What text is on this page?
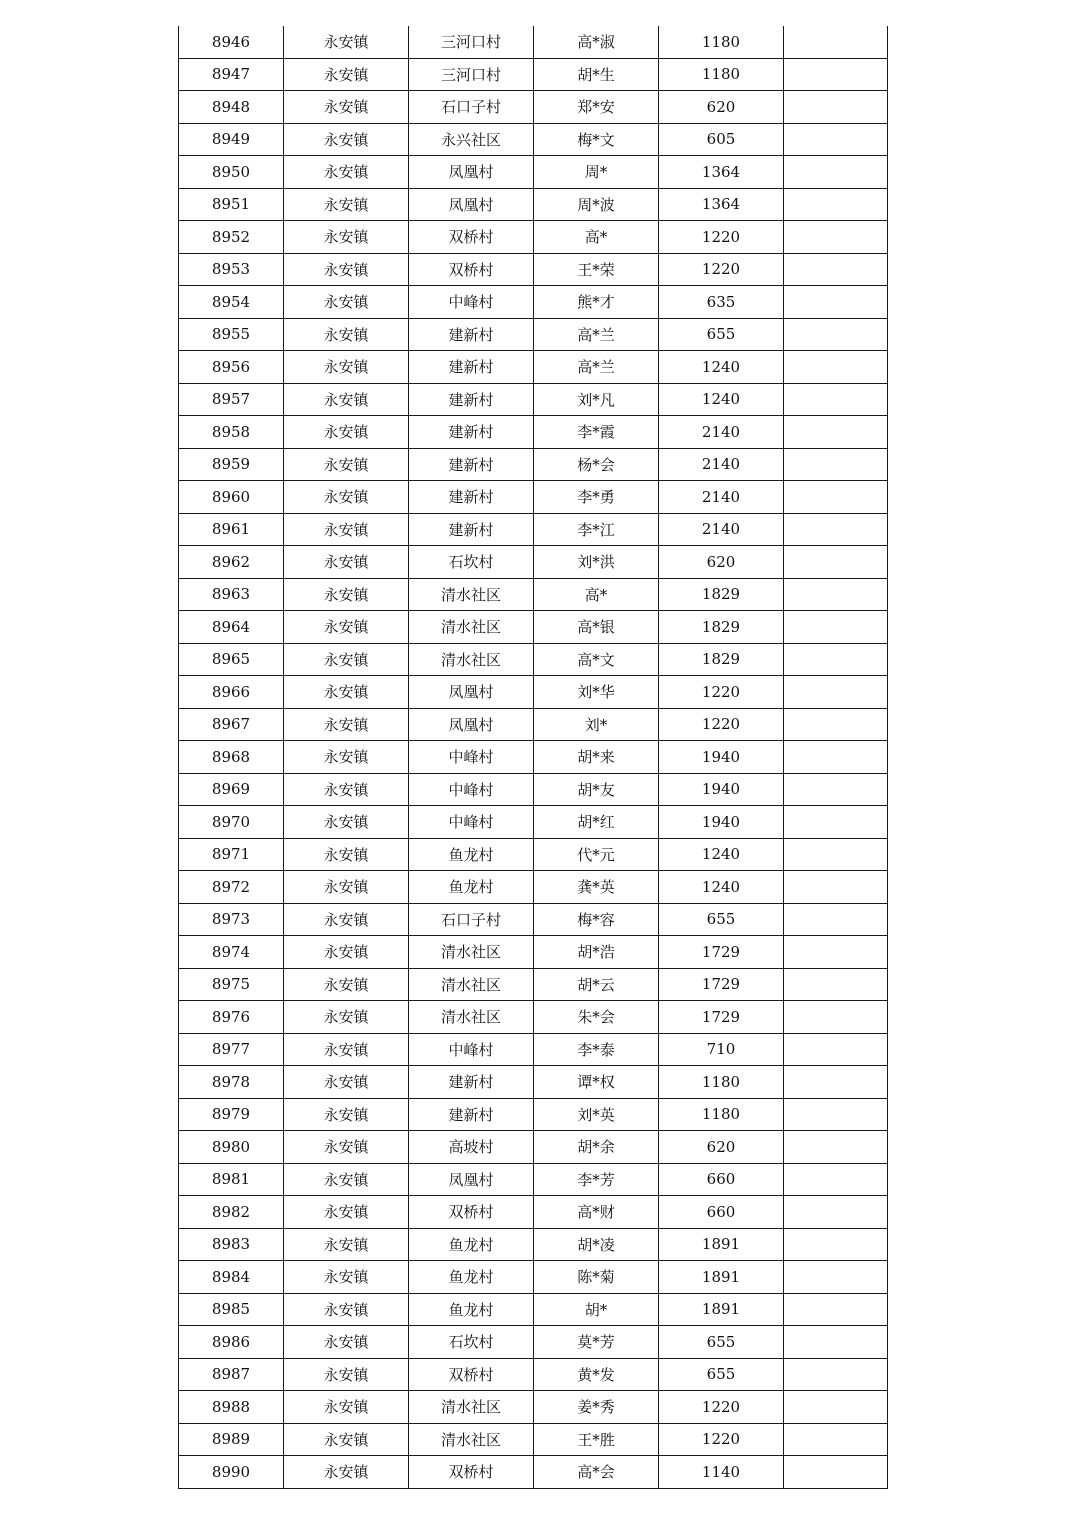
8946	永安镇	三河口村	高*淑	1180	
8947	永安镇	三河口村	胡*生	1180	
8948	永安镇	石口子村	郑*安	620	
8949	永安镇	永兴社区	梅*文	605	
8950	永安镇	凤凰村	周*	1364	
8951	永安镇	凤凰村	周*波	1364	
8952	永安镇	双桥村	高*	1220	
8953	永安镇	双桥村	王*荣	1220	
8954	永安镇	中峰村	熊*才	635	
8955	永安镇	建新村	高*兰	655	
8956	永安镇	建新村	高*兰	1240	
8957	永安镇	建新村	刘*凡	1240	
8958	永安镇	建新村	李*霞	2140	
8959	永安镇	建新村	杨*会	2140	
8960	永安镇	建新村	李*勇	2140	
8961	永安镇	建新村	李*江	2140	
8962	永安镇	石坎村	刘*洪	620	
8963	永安镇	清水社区	高*	1829	
8964	永安镇	清水社区	高*银	1829	
8965	永安镇	清水社区	高*文	1829	
8966	永安镇	凤凰村	刘*华	1220	
8967	永安镇	凤凰村	刘*	1220	
8968	永安镇	中峰村	胡*来	1940	
8969	永安镇	中峰村	胡*友	1940	
8970	永安镇	中峰村	胡*红	1940	
8971	永安镇	鱼龙村	代*元	1240	
8972	永安镇	鱼龙村	龚*英	1240	
8973	永安镇	石口子村	梅*容	655	
8974	永安镇	清水社区	胡*浩	1729	
8975	永安镇	清水社区	胡*云	1729	
8976	永安镇	清水社区	朱*会	1729	
8977	永安镇	中峰村	李*泰	710	
8978	永安镇	建新村	谭*权	1180	
8979	永安镇	建新村	刘*英	1180	
8980	永安镇	高坡村	胡*余	620	
8981	永安镇	凤凰村	李*芳	660	
8982	永安镇	双桥村	高*财	660	
8983	永安镇	鱼龙村	胡*凌	1891	
8984	永安镇	鱼龙村	陈*菊	1891	
8985	永安镇	鱼龙村	胡*	1891	
8986	永安镇	石坎村	莫*芳	655	
8987	永安镇	双桥村	黄*发	655	
8988	永安镇	清水社区	姜*秀	1220	
8989	永安镇	清水社区	王*胜	1220	
8990	永安镇	双桥村	高*会	1140	
